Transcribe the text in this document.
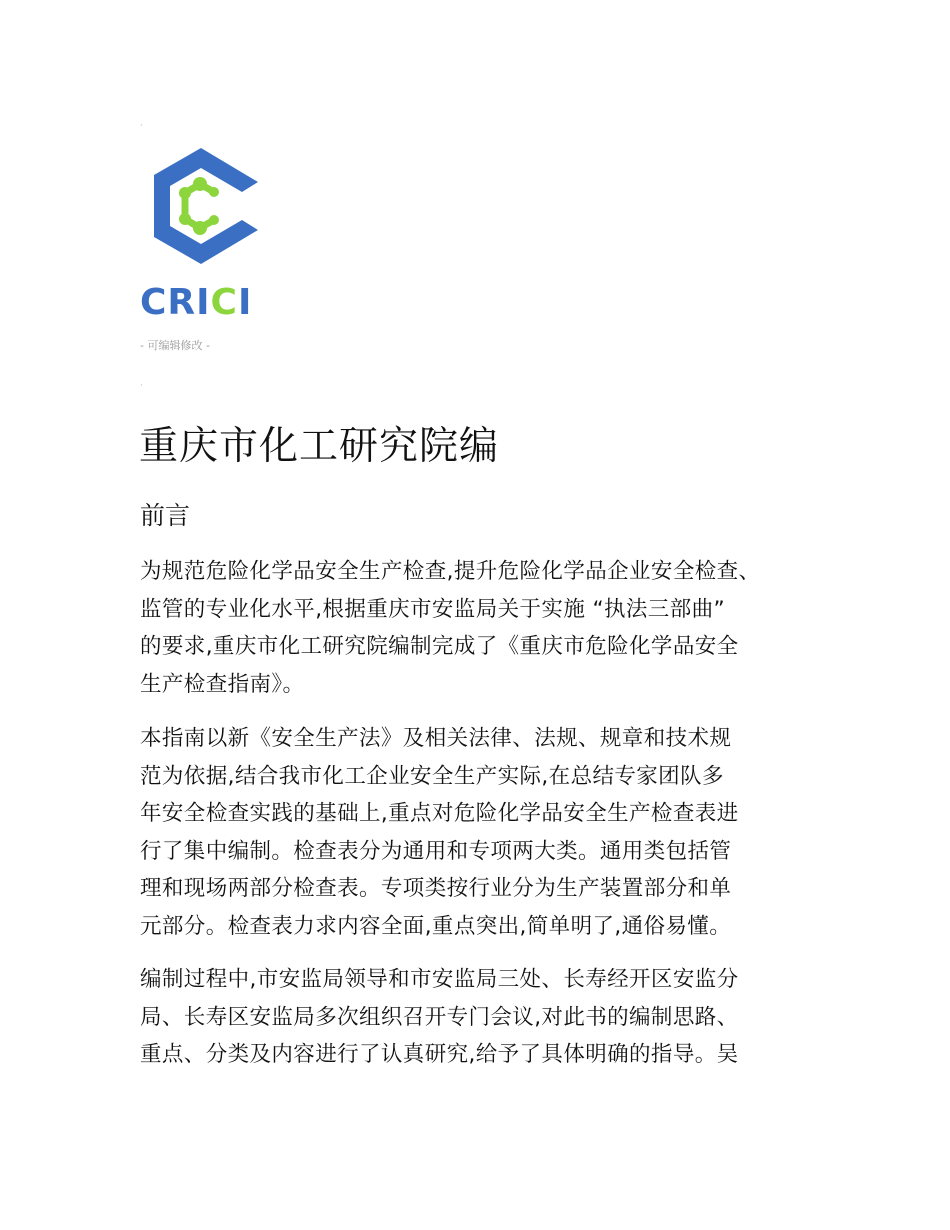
·
CRICI
- 可编辑修改 -
·
重庆市化工研究院编
前言

为规范危险化学品安全生产检查,提升危险化学品企业安全检查、
监管的专业化水平,根据重庆市安监局关于实施 “执法三部曲”
的要求,重庆市化工研究院编制完成了《重庆市危险化学品安全
生产检查指南》。

本指南以新《安全生产法》及相关法律、法规、规章和技术规
范为依据,结合我市化工企业安全生产实际,在总结专家团队多
年安全检查实践的基础上,重点对危险化学品安全生产检查表进
行了集中编制。检查表分为通用和专项两大类。通用类包括管
理和现场两部分检查表。专项类按行业分为生产装置部分和单
元部分。检查表力求内容全面,重点突出,简单明了,通俗易懂。

编制过程中,市安监局领导和市安监局三处、长寿经开区安监分
局、长寿区安监局多次组织召开专门会议,对此书的编制思路、
重点、分类及内容进行了认真研究,给予了具体明确的指导。吴
